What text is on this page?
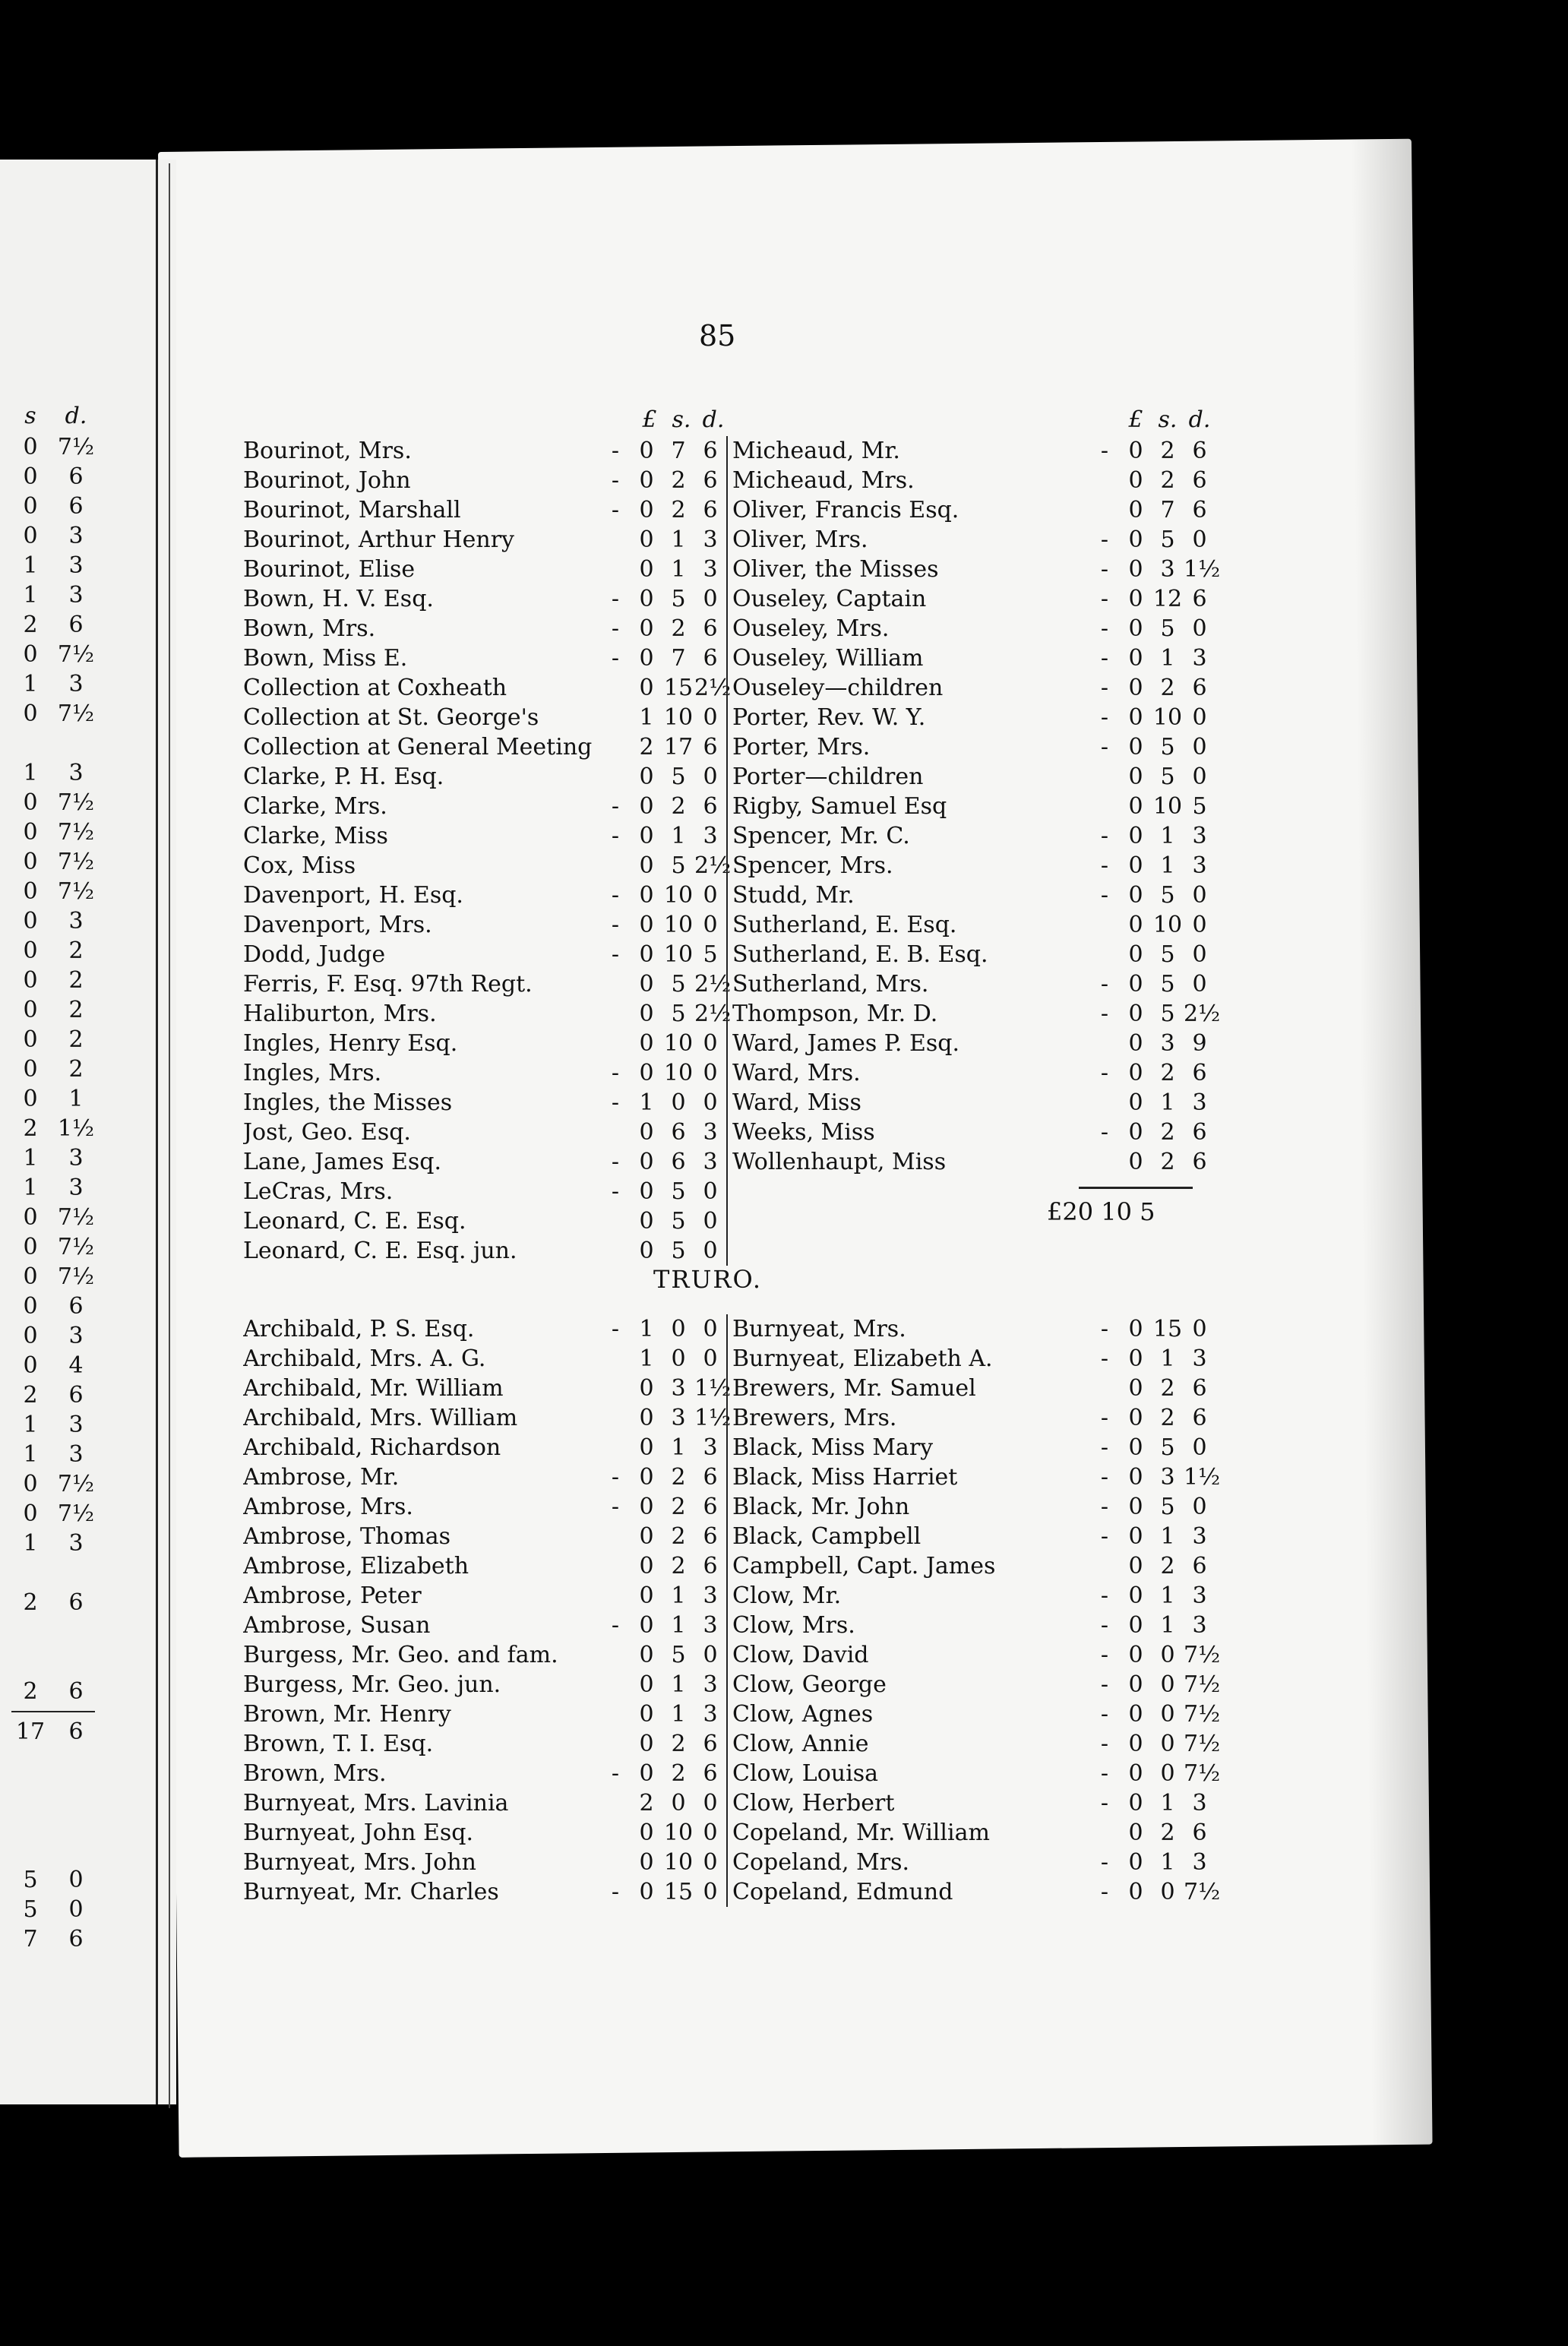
85
s	d.
0 7½
0	6
0	6
0	3
1	3
1	3
2	6
0 7½
1	3
0 7½
1	3
0 7½
0 7½
0 7½
0 7½
0	3
0	2
0	2
0	2
0	2
0	2
0	1
2 1½
1	3
1	3
0 7½
0 7½
0 7½
0	6
0	3
0	4
2	6
1	3
1	3
0 7½
0 7½
1	3
2	6
2	6
17	6
5	0
5	0
7	6
£ s. d.	£ s. d.
Bourinot, Mrs.	- 0 7 6 Micheaud, Mr.	- 0 2 6
Bourinot, John	- 0 2 6 Micheaud, Mrs.	0 2 6
Bourinot, Marshall	- 0 2 6 Oliver, Francis Esq.	0 7 6
Bourinot, Arthur Henry	0 1 3 Oliver, Mrs.	- 0 5 0
Bourinot, Elise	0 1 3 Oliver, the Misses	- 0 3 1½
Bown, H. V. Esq.	- 0 5 0 Ouseley, Captain	- 0 12 6
Bown, Mrs.	- 0 2 6 Ouseley, Mrs.	- 0 5 0
Bown, Miss E.	- 0 7 6 Ouseley, William	- 0 1 3
Collection at Coxheath	0 15 2½ Ouseley—children	- 0 2 6
Collection at St. George's	1 10 0 Porter, Rev. W. Y.	- 0 10 0
Collection at General Meeting	2 17 6 Porter, Mrs.	- 0 5 0
Clarke, P. H. Esq.	0 5 0 Porter—children	0 5 0
Clarke, Mrs.	- 0 2 6 Rigby, Samuel Esq	0 10 5
Clarke, Miss	- 0 1 3 Spencer, Mr. C.	- 0 1 3
Cox, Miss	0 5 2½ Spencer, Mrs.	- 0 1 3
Davenport, H. Esq.	- 0 10 0 Studd, Mr.	- 0 5 0
Davenport, Mrs.	- 0 10 0 Sutherland, E. Esq.	0 10 0
Dodd, Judge	- 0 10 5 Sutherland, E. B. Esq.	0 5 0
Ferris, F. Esq. 97th Regt.	0 5 2½ Sutherland, Mrs.	- 0 5 0
Haliburton, Mrs.	0 5 2½ Thompson, Mr. D.	- 0 5 2½
Ingles, Henry Esq.	0 10 0 Ward, James P. Esq.	0 3 9
Ingles, Mrs.	- 0 10 0 Ward, Mrs.	- 0 2 6
Ingles, the Misses	- 1 0 0 Ward, Miss	0 1 3
Jost, Geo. Esq.	0 6 3 Weeks, Miss	- 0 2 6
Lane, James Esq.	- 0 6 3 Wollenhaupt, Miss	0 2 6
LeCras, Mrs.	- 0 5 0
Leonard, C. E. Esq.	0 5 0
Leonard, C. E. Esq. jun.	0 5 0
£20 10 5
TRURO.
Archibald, P. S. Esq.	- 1 0 0 Burnyeat, Mrs.	- 0 15 0
Archibald, Mrs. A. G.	1 0 0 Burnyeat, Elizabeth A.	- 0 1 3
Archibald, Mr. William	0 3 1½ Brewers, Mr. Samuel	0 2 6
Archibald, Mrs. William	0 3 1½ Brewers, Mrs.	- 0 2 6
Archibald, Richardson	0 1 3 Black, Miss Mary	- 0 5 0
Ambrose, Mr.	- 0 2 6 Black, Miss Harriet	- 0 3 1½
Ambrose, Mrs.	- 0 2 6 Black, Mr. John	- 0 5 0
Ambrose, Thomas	0 2 6 Black, Campbell	- 0 1 3
Ambrose, Elizabeth	0 2 6 Campbell, Capt. James	0 2 6
Ambrose, Peter	0 1 3 Clow, Mr.	- 0 1 3
Ambrose, Susan	- 0 1 3 Clow, Mrs.	- 0 1 3
Burgess, Mr. Geo. and fam.	0 5 0 Clow, David	- 0 0 7½
Burgess, Mr. Geo. jun.	0 1 3 Clow, George	- 0 0 7½
Brown, Mr. Henry	0 1 3 Clow, Agnes	- 0 0 7½
Brown, T. I. Esq.	0 2 6 Clow, Annie	- 0 0 7½
Brown, Mrs.	- 0 2 6 Clow, Louisa	- 0 0 7½
Burnyeat, Mrs. Lavinia	2 0 0 Clow, Herbert	- 0 1 3
Burnyeat, John Esq.	0 10 0 Copeland, Mr. William	0 2 6
Burnyeat, Mrs. John	0 10 0 Copeland, Mrs.	- 0 1 3
Burnyeat, Mr. Charles	- 0 15 0 Copeland, Edmund	- 0 0 7½
